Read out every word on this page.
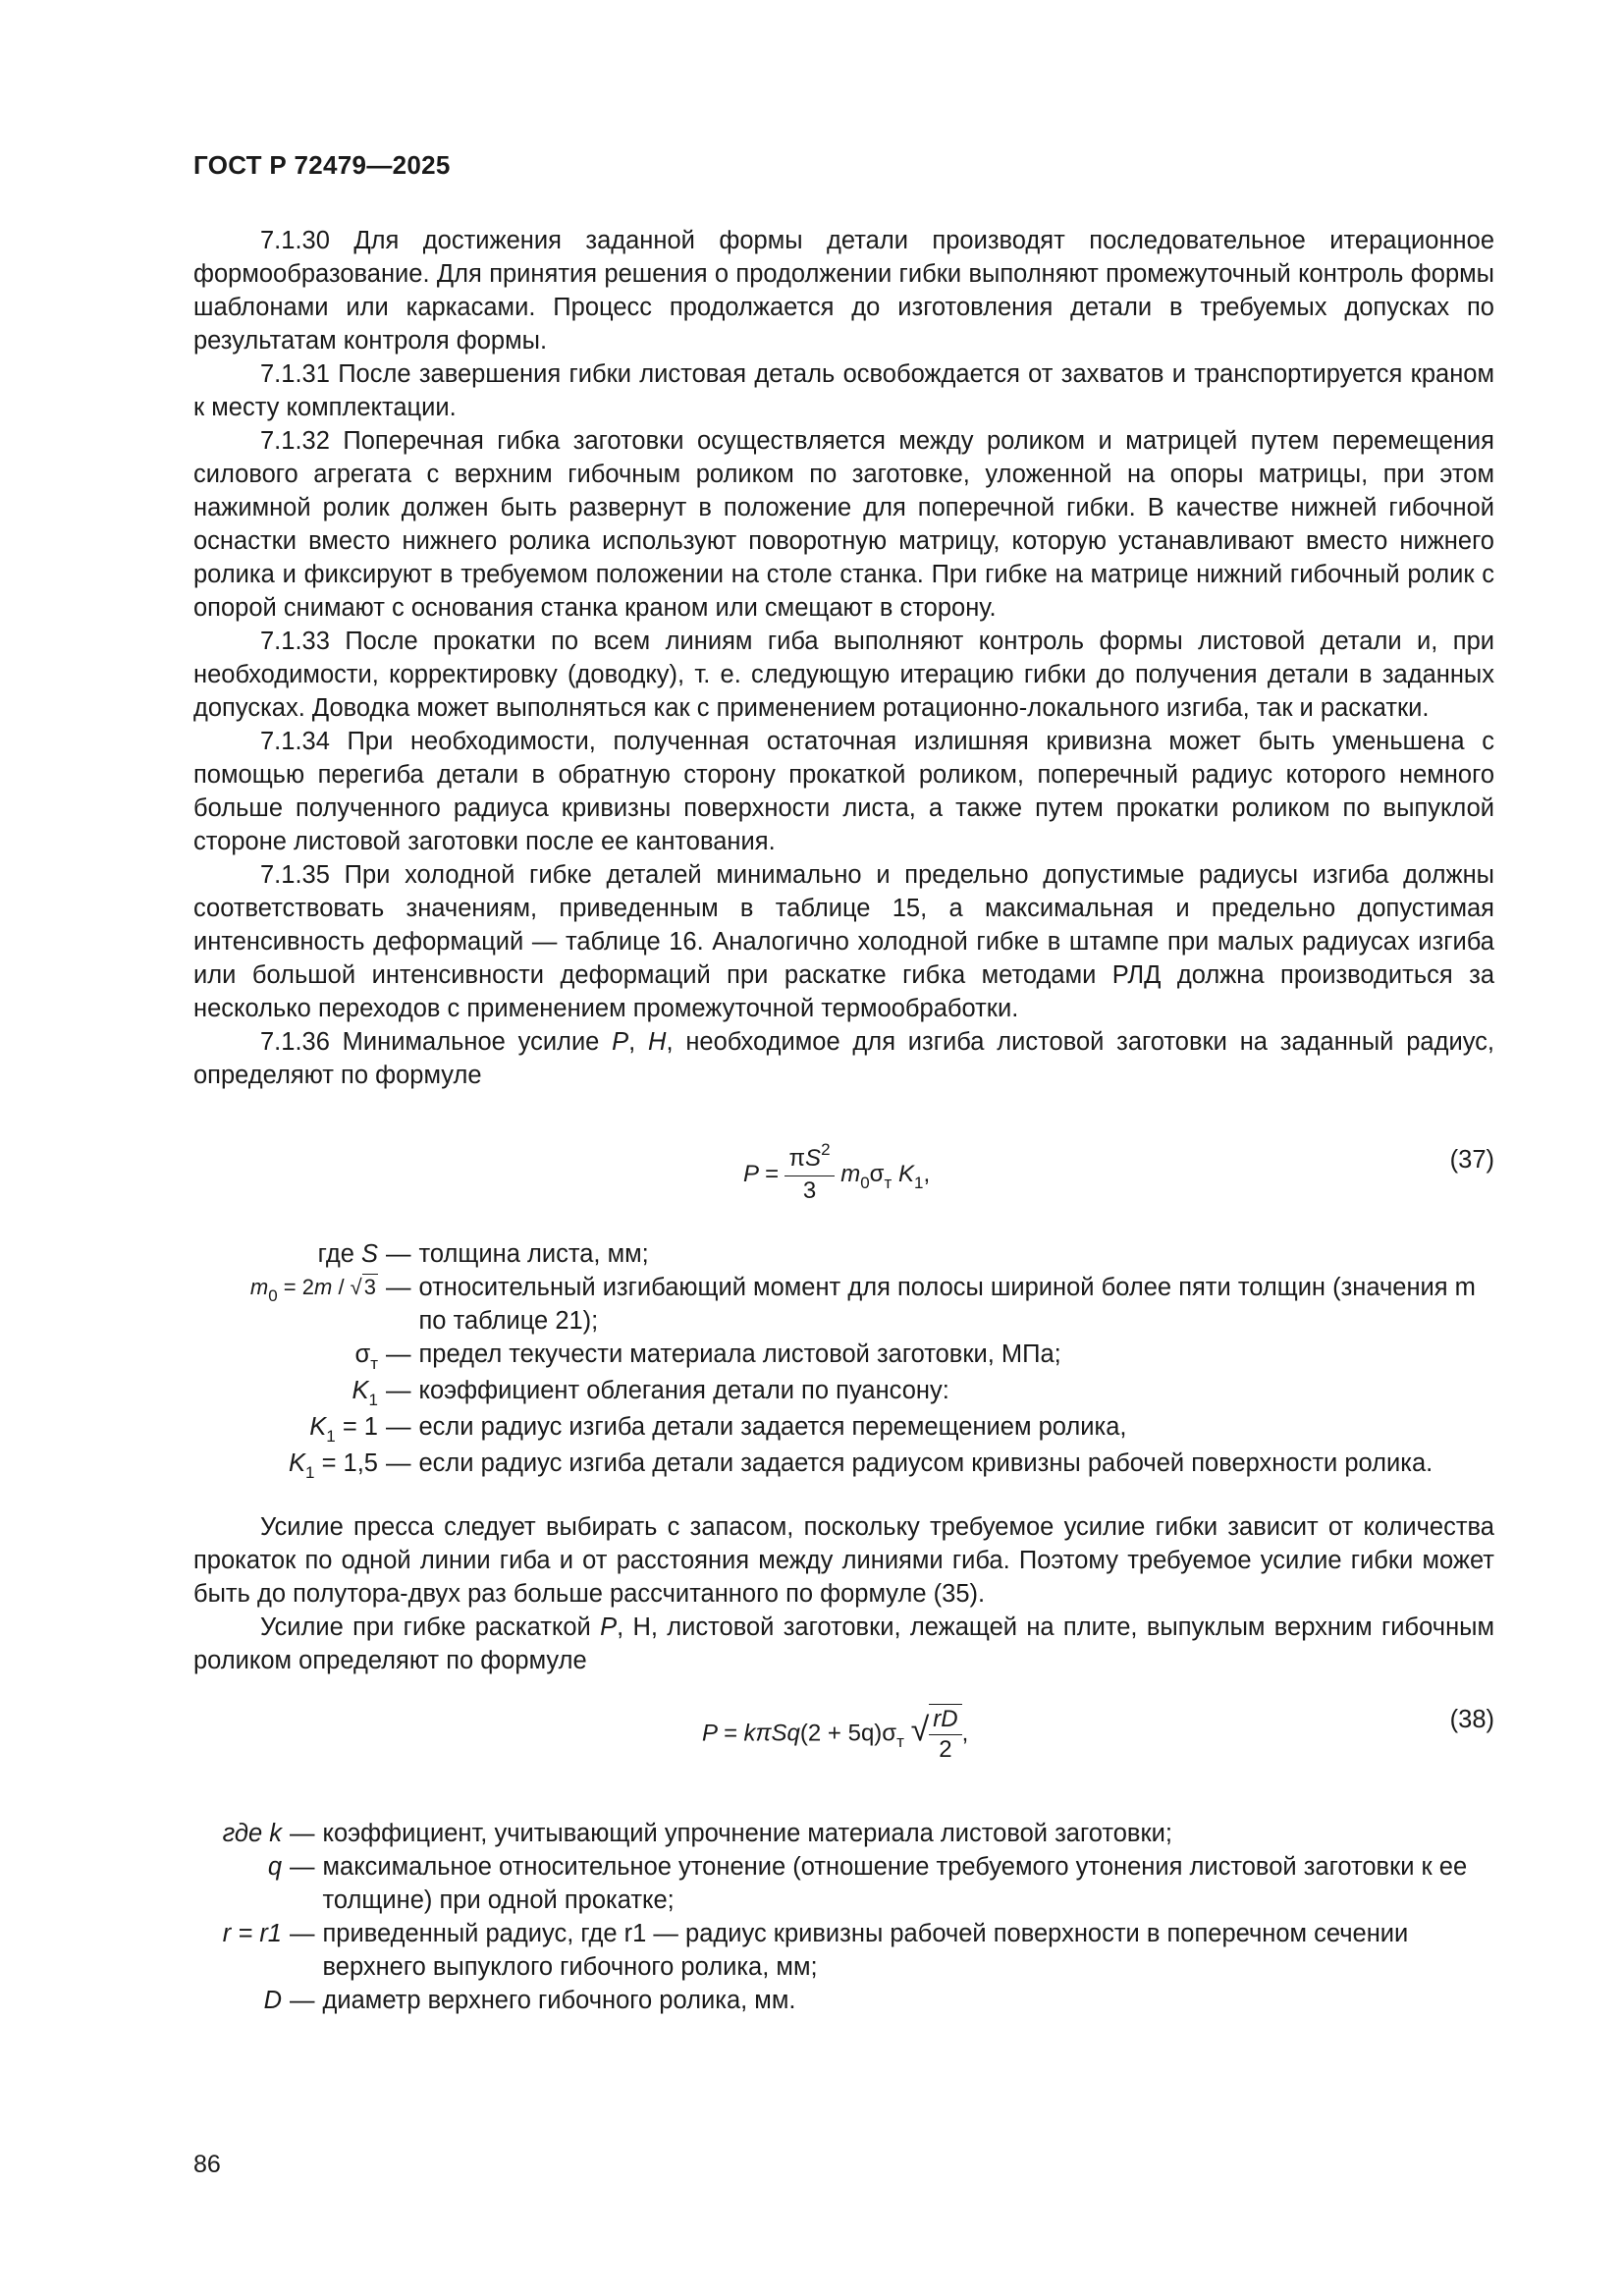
ГОСТ Р 72479—2025

7.1.30 Для достижения заданной формы детали производят последовательное итерационное формообразование. Для принятия решения о продолжении гибки выполняют промежуточный контроль формы шаблонами или каркасами. Процесс продолжается до изготовления детали в требуемых допусках по результатам контроля формы.

7.1.31 После завершения гибки листовая деталь освобождается от захватов и транспортируется краном к месту комплектации.

7.1.32 Поперечная гибка заготовки осуществляется между роликом и матрицей путем перемещения силового агрегата с верхним гибочным роликом по заготовке, уложенной на опоры матрицы, при этом нажимной ролик должен быть развернут в положение для поперечной гибки. В качестве нижней гибочной оснастки вместо нижнего ролика используют поворотную матрицу, которую устанавливают вместо нижнего ролика и фиксируют в требуемом положении на столе станка. При гибке на матрице нижний гибочный ролик с опорой снимают с основания станка краном или смещают в сторону.

7.1.33 После прокатки по всем линиям гиба выполняют контроль формы листовой детали и, при необходимости, корректировку (доводку), т. е. следующую итерацию гибки до получения детали в заданных допусках. Доводка может выполняться как с применением ротационно-локального изгиба, так и раскатки.

7.1.34 При необходимости, полученная остаточная излишняя кривизна может быть уменьшена с помощью перегиба детали в обратную сторону прокаткой роликом, поперечный радиус которого немного больше полученного радиуса кривизны поверхности листа, а также путем прокатки роликом по выпуклой стороне листовой заготовки после ее кантования.

7.1.35 При холодной гибке деталей минимально и предельно допустимые радиусы изгиба должны соответствовать значениям, приведенным в таблице 15, а максимальная и предельно допустимая интенсивность деформаций — таблице 16. Аналогично холодной гибке в штампе при малых радиусах изгиба или большой интенсивности деформаций при раскатке гибка методами РЛД должна производиться за несколько переходов с применением промежуточной термообработки.

7.1.36 Минимальное усилие P, H, необходимое для изгиба листовой заготовки на заданный радиус, определяют по формуле

$P = \frac{\pi S^2}{3} m_0\sigma_т$ $K_1$,
(37)
где S — толщина листа, мм;
$m_0 = 2m / √3$ — относительный изгибающий момент для полосы шириной более пяти толщин (значения m по таблице 21);
$\sigma_т$ — предел текучести материала листовой заготовки, МПа;
$K_1$ — коэффициент облегания детали по пуансону:
$K_1 = 1$ — если радиус изгиба детали задается перемещением ролика,
$K_1 = 1,5$ — если радиус изгиба детали задается радиусом кривизны рабочей поверхности ролика.

Усилие пресса следует выбирать с запасом, поскольку требуемое усилие гибки зависит от количества прокаток по одной линии гиба и от расстояния между линиями гиба. Поэтому требуемое усилие гибки может быть до полутора-двух раз больше рассчитанного по формуле (35).

Усилие при гибке раскаткой P, Н, листовой заготовки, лежащей на плите, выпуклым верхним гибочным роликом определяют по формуле

$P = k\pi Sq(2 + 5q)\sigma_т$ √ $\frac{rD}{2}$ ,	(38)
где k — коэффициент, учитывающий упрочнение материала листовой заготовки;
q — максимальное относительное утонение (отношение требуемого утонения листовой заготовки к ее толщине) при одной прокатке;
r = r1 — приведенный радиус, где r1 — радиус кривизны рабочей поверхности в поперечном сечении верхнего выпуклого гибочного ролика, мм;
D — диаметр верхнего гибочного ролика, мм.
86
